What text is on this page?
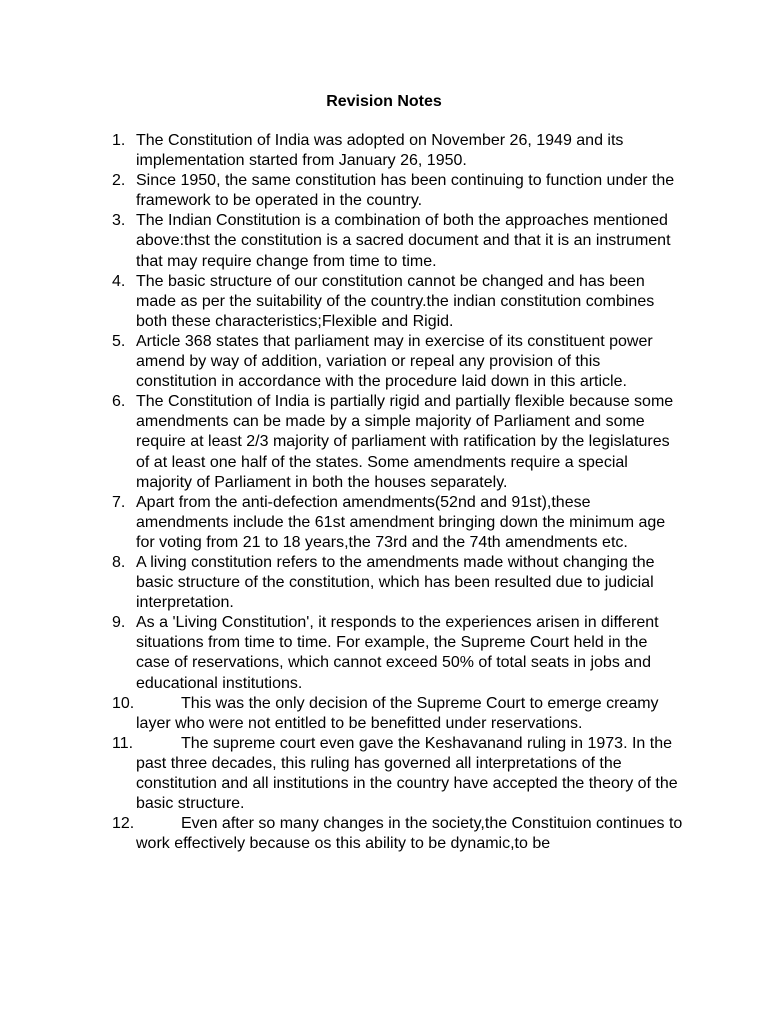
Revision Notes
1. The Constitution of India was adopted on November 26, 1949 and its implementation started from January 26, 1950.
2. Since 1950, the same constitution has been continuing to function under the framework to be operated in the country.
3. The Indian Constitution is a combination of both the approaches mentioned above:thst the constitution is a sacred document and that it is an instrument that may require change from time to time.
4. The basic structure of our constitution cannot be changed and has been made as per the suitability of the country.the indian constitution combines both these characteristics;Flexible and Rigid.
5. Article 368 states that parliament may in exercise of its constituent power amend by way of addition, variation or repeal any provision of this constitution in accordance with the procedure laid down in this article.
6. The Constitution of India is partially rigid and partially flexible because some amendments can be made by a simple majority of Parliament and some require at least 2/3 majority of parliament with ratification by the legislatures of at least one half of the states. Some amendments require a special majority of Parliament in both the houses separately.
7. Apart from the anti-defection amendments(52nd and 91st),these amendments include the 61st amendment bringing down the minimum age for voting from 21 to 18 years,the 73rd and the 74th amendments etc.
8. A living constitution refers to the amendments made without changing the basic structure of the constitution, which has been resulted due to judicial interpretation.
9. As a 'Living Constitution', it responds to the experiences arisen in different situations from time to time. For example, the Supreme Court held in the case of reservations, which cannot exceed 50% of total seats in jobs and educational institutions.
10.	This was the only decision of the Supreme Court to emerge creamy layer who were not entitled to be benefitted under reservations.
11.	The supreme court even gave the Keshavanand ruling in 1973. In the past three decades, this ruling has governed all interpretations of the constitution and all institutions in the country have accepted the theory of the basic structure.
12.	Even after so many changes in the society,the Constituion continues to work effectively because os this ability to be dynamic,to be
